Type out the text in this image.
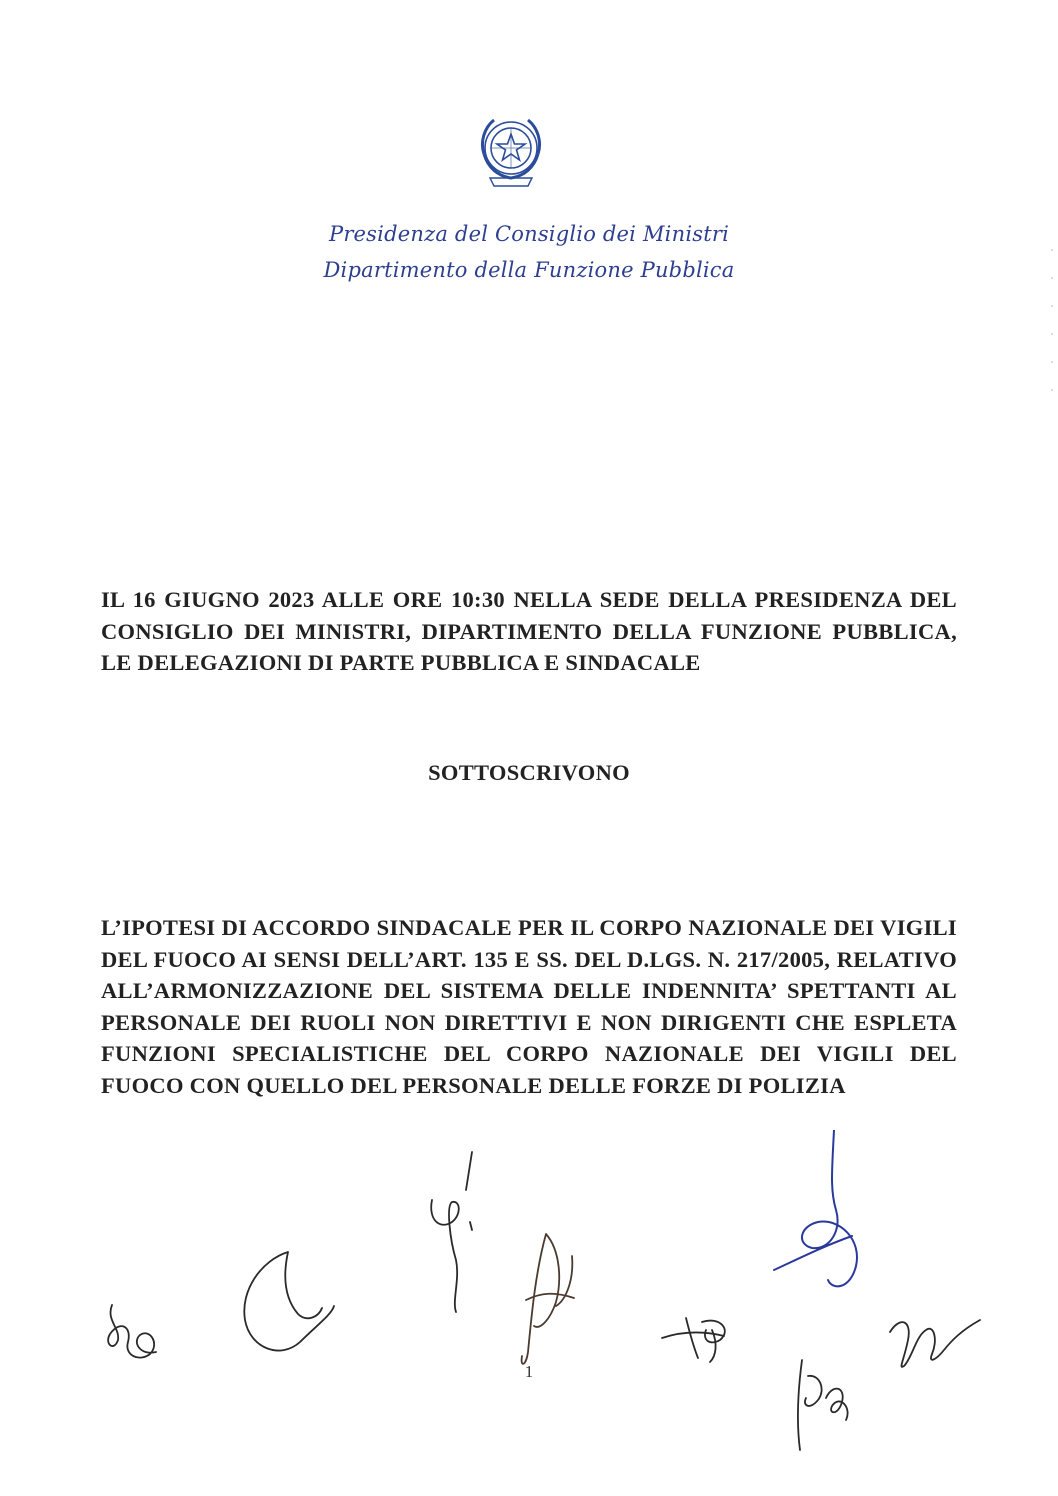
Presidenza del Consiglio dei Ministri
Dipartimento della Funzione Pubblica
IL 16 GIUGNO 2023 ALLE ORE 10:30 NELLA SEDE DELLA PRESIDENZA DEL CONSIGLIO DEI MINISTRI, DIPARTIMENTO DELLA FUNZIONE PUBBLICA, LE DELEGAZIONI DI PARTE PUBBLICA E SINDACALE
SOTTOSCRIVONO
L’IPOTESI DI ACCORDO SINDACALE PER IL CORPO NAZIONALE DEI VIGILI DEL FUOCO AI SENSI DELL’ART. 135 E SS. DEL D.LGS. N. 217/2005, RELATIVO ALL’ARMONIZZAZIONE DEL SISTEMA DELLE INDENNITA’ SPETTANTI AL PERSONALE DEI RUOLI NON DIRETTIVI E NON DIRIGENTI CHE ESPLETA FUNZIONI SPECIALISTICHE DEL CORPO NAZIONALE DEI VIGILI DEL FUOCO CON QUELLO DEL PERSONALE DELLE FORZE DI POLIZIA
1
